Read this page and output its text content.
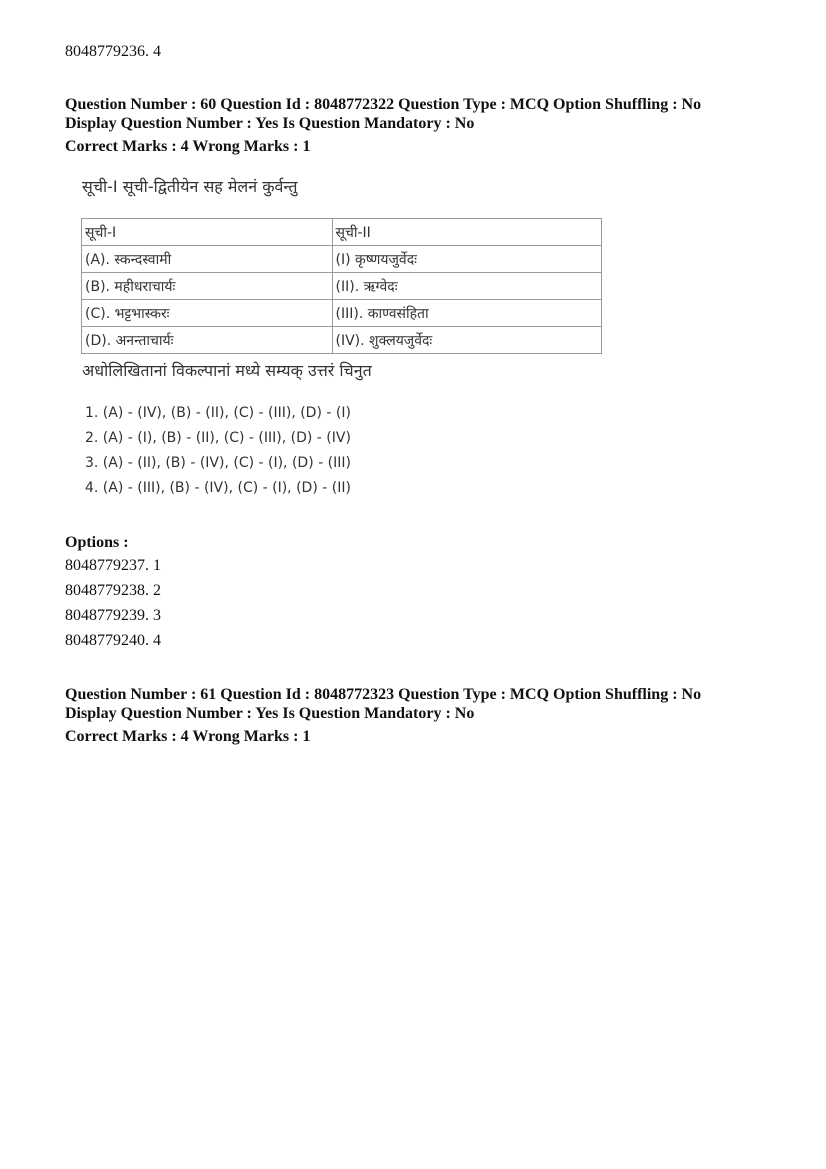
8048779236. 4
Question Number : 60 Question Id : 8048772322 Question Type : MCQ Option Shuffling : No
Display Question Number : Yes Is Question Mandatory : No
Correct Marks : 4 Wrong Marks : 1
सूची-I सूची-द्वितीयेन सह मेलनं कुर्वन्तु
सूची-I	सूची-II
(A). स्कन्दस्वामी	(I) कृष्णयजुर्वेदः
(B). महीधराचार्यः	(II). ऋग्वेदः
(C). भट्टभास्करः	(III). काण्वसंहिता
(D). अनन्ताचार्यः	(IV). शुक्लयजुर्वेदः
अधोलिखितानां विकल्पानां मध्ये सम्यक् उत्तरं चिनुत
1. (A) - (IV), (B) - (II), (C) - (III), (D) - (I)
2. (A) - (I), (B) - (II), (C) - (III), (D) - (IV)
3. (A) - (II), (B) - (IV), (C) - (I), (D) - (III)
4. (A) - (III), (B) - (IV), (C) - (I), (D) - (II)
Options :
8048779237. 1
8048779238. 2
8048779239. 3
8048779240. 4
Question Number : 61 Question Id : 8048772323 Question Type : MCQ Option Shuffling : No
Display Question Number : Yes Is Question Mandatory : No
Correct Marks : 4 Wrong Marks : 1
